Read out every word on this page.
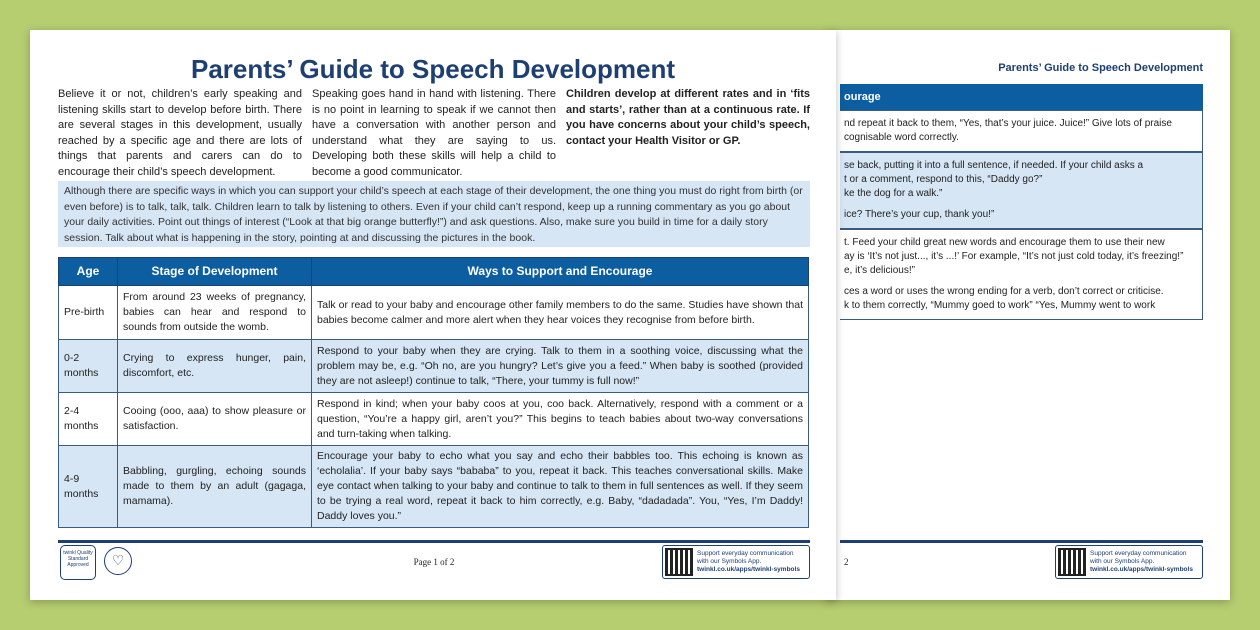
Parents’ Guide to Speech Development
ourage
nd repeat it back to them, “Yes, that’s your juice. Juice!” Give lots of praise
cognisable word correctly.
se back, putting it into a full sentence, if needed. If your child asks a
t or a comment, respond to this, “Daddy go?”
ke the dog for a walk.”
ice? There’s your cup, thank you!”
t. Feed your child great new words and encourage them to use their new
ay is ‘It’s not just..., it’s ...!’ For example, “It’s not just cold today, it’s freezing!”
e, it’s delicious!”
ces a word or uses the wrong ending for a verb, don’t correct or criticise.
k to them correctly, “Mummy goed to work” “Yes, Mummy went to work
2
Support everyday communication
with our Symbols App.
twinkl.co.uk/apps/twinkl-symbols
Parents’ Guide to Speech Development

Believe it or not, children’s early speaking and listening skills start to develop before birth. There are several stages in this development, usually reached by a specific age and there are lots of things that parents and carers can do to encourage their child’s speech development.

Speaking goes hand in hand with listening. There is no point in learning to speak if we cannot then have a conversation with another person and understand what they are saying to us. Developing both these skills will help a child to become a good communicator.

Children develop at different rates and in ‘fits and starts’, rather than at a continuous rate. If you have concerns about your child’s speech, contact your Health Visitor or GP.

Although there are specific ways in which you can support your child’s speech at each stage of their development, the one thing you must do right from birth (or even before) is to talk, talk, talk. Children learn to talk by listening to others. Even if your child can’t respond, keep up a running commentary as you go about your daily activities. Point out things of interest (“Look at that big orange butterfly!”) and ask questions. Also, make sure you build in time for a daily story session. Talk about what is happening in the story, pointing at and discussing the pictures in the book.
Age	Stage of Development	Ways to Support and Encourage
Pre-birth	From around 23 weeks of pregnancy, babies can hear and respond to sounds from outside the womb.	Talk or read to your baby and encourage other family members to do the same. Studies have shown that babies become calmer and more alert when they hear voices they recognise from before birth.
0-2 months	Crying to express hunger, pain, discomfort, etc.	Respond to your baby when they are crying. Talk to them in a soothing voice, discussing what the problem may be, e.g. “Oh no, are you hungry? Let’s give you a feed.” When baby is soothed (provided they are not asleep!) continue to talk, “There, your tummy is full now!”
2-4 months	Cooing (ooo, aaa) to show pleasure or satisfaction.	Respond in kind; when your baby coos at you, coo back. Alternatively, respond with a comment or a question, “You’re a happy girl, aren’t you?” This begins to teach babies about two-way conversations and turn-taking when talking.
4-9 months	Babbling, gurgling, echoing sounds made to them by an adult (gagaga, mamama).	Encourage your baby to echo what you say and echo their babbles too. This echoing is known as ‘echolalia’. If your baby says “bababa” to you, repeat it back. This teaches conversational skills. Make eye contact when talking to your baby and continue to talk to them in full sentences as well. If they seem to be trying a real word, repeat it back to him correctly, e.g. Baby, “dadadada”. You, “Yes, I’m Daddy! Daddy loves you.”
twinkl Quality Standard Approved	♡	Page 1 of 2
Support everyday communication
with our Symbols App.
twinkl.co.uk/apps/twinkl-symbols
